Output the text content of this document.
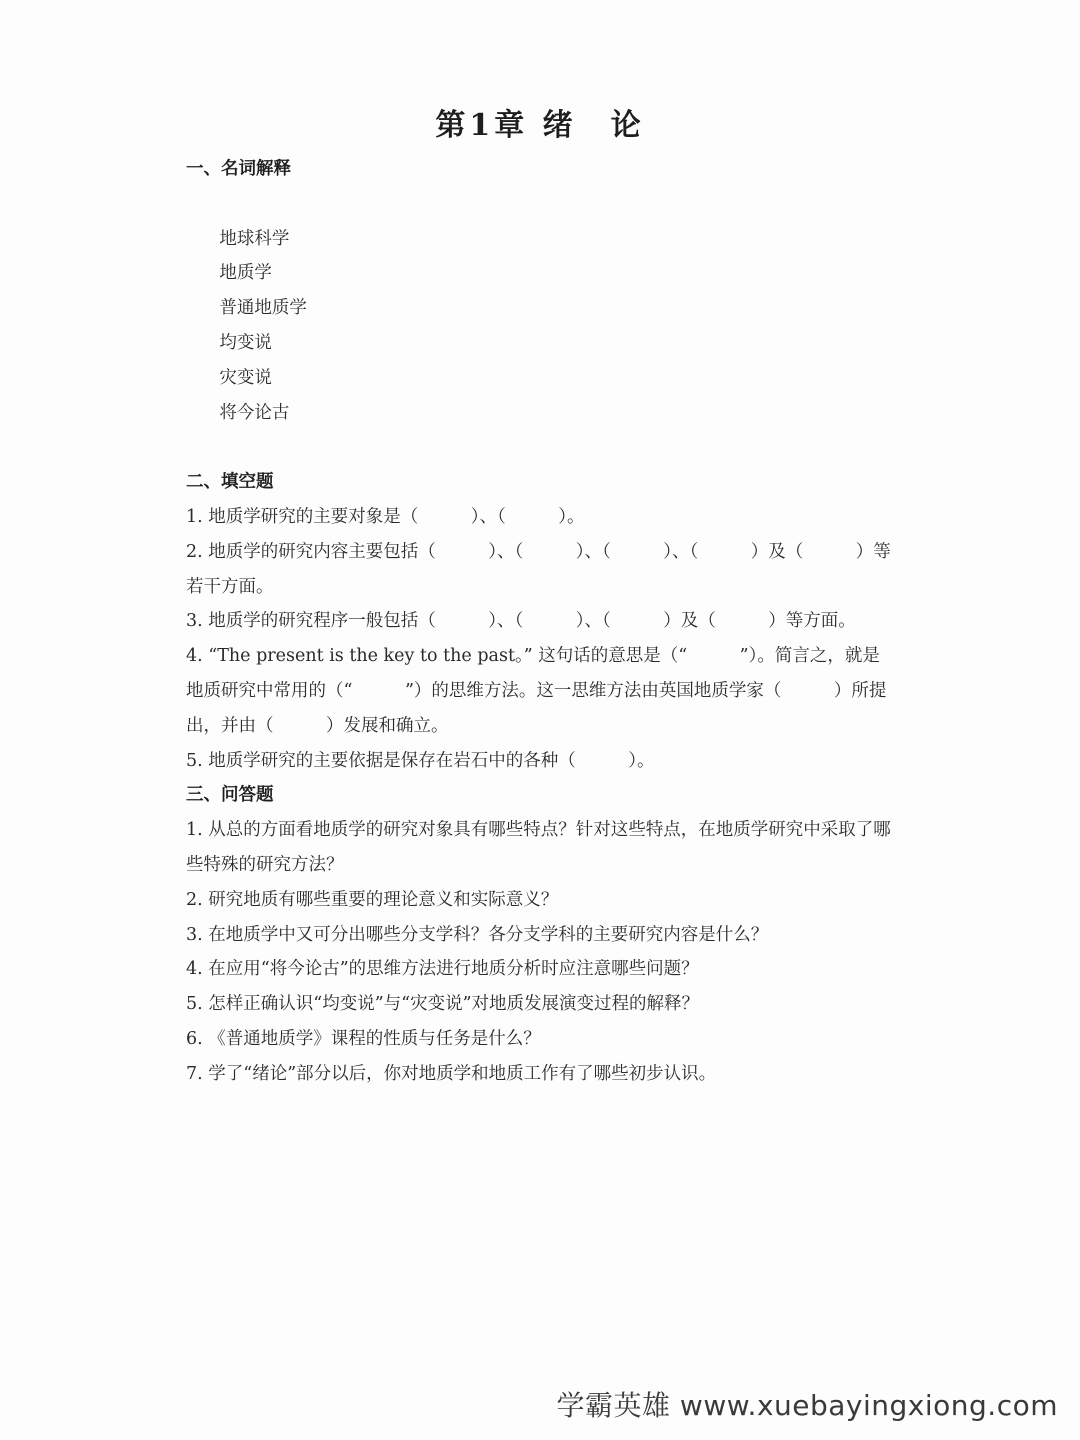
第1章 绪　论
一、名词解释

地球科学
地质学
普通地质学
均变说
灾变说
将今论古

二、填空题
1. 地质学研究的主要对象是（　　　）、（　　　）。
2. 地质学的研究内容主要包括（　　　）、（　　　）、（　　　）、（　　　）及（　　　）等
若干方面。
3. 地质学的研究程序一般包括（　　　）、（　　　）、（　　　）及（　　　）等方面。
4. “The present is the key to the past。” 这句话的意思是（“　　　”）。简言之，就是
地质研究中常用的（“　　　”）的思维方法。这一思维方法由英国地质学家（　　　）所提
出，并由（　　　）发展和确立。
5. 地质学研究的主要依据是保存在岩石中的各种（　　　）。
三、问答题
1. 从总的方面看地质学的研究对象具有哪些特点？针对这些特点，在地质学研究中采取了哪
些特殊的研究方法？
2. 研究地质有哪些重要的理论意义和实际意义？
3. 在地质学中又可分出哪些分支学科？各分支学科的主要研究内容是什么？
4. 在应用“将今论古”的思维方法进行地质分析时应注意哪些问题？
5. 怎样正确认识“均变说”与“灾变说”对地质发展演变过程的解释？
6. 《普通地质学》课程的性质与任务是什么？
7. 学了“绪论”部分以后，你对地质学和地质工作有了哪些初步认识。
学霸英雄 www.xuebayingxiong.com
